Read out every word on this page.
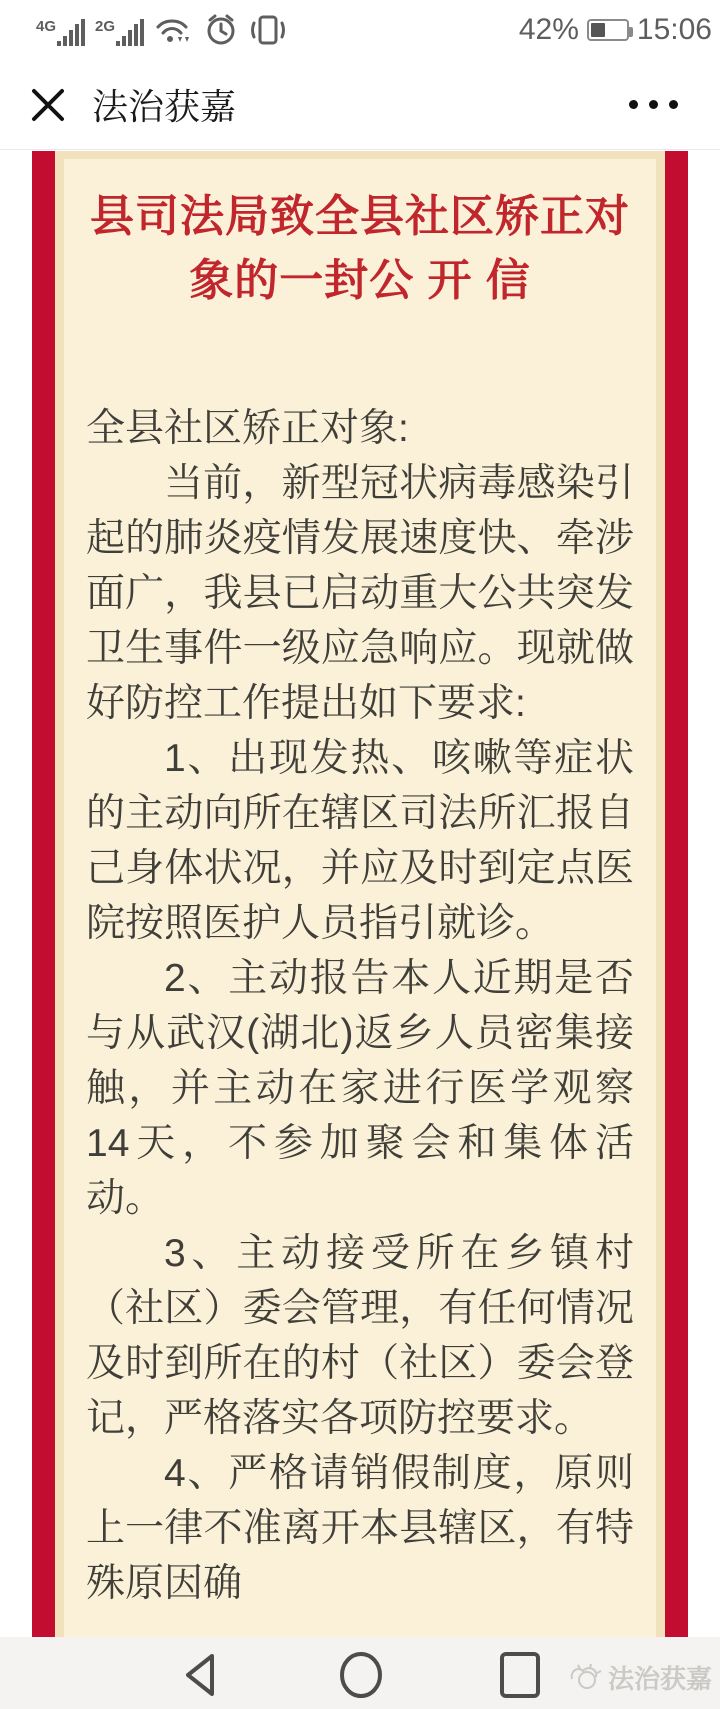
4G	2G	42% 15:06
法治获嘉
县司法局致全县社区矫正对
象的一封公 开 信
全县社区矫正对象:
当前，新型冠状病毒感染引起的肺炎疫情发展速度快、牵涉面广，我县已启动重大公共突发卫生事件一级应急响应。现就做好防控工作提出如下要求:
1、出现发热、咳嗽等症状的主动向所在辖区司法所汇报自己身体状况，并应及时到定点医院按照医护人员指引就诊。
2、主动报告本人近期是否与从武汉(湖北)返乡人员密集接触，并主动在家进行医学观察14天，不参加聚会和集体活动。
3、主动接受所在乡镇村（社区）委会管理，有任何情况及时到所在的村（社区）委会登记，严格落实各项防控要求。
4、严格请销假制度，原则上一律不准离开本县辖区，有特殊原因确
法治获嘉
